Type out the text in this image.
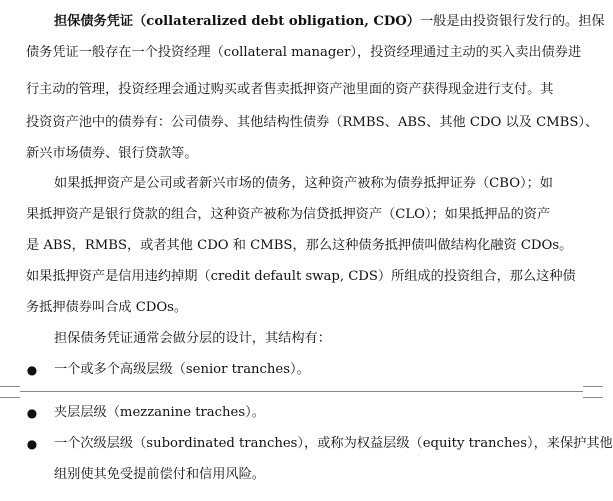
担保债务凭证（collateralized debt obligation, CDO）一般是由投资银行发行的。担保
债务凭证一般存在一个投资经理（collateral manager），投资经理通过主动的买入卖出债券进
行主动的管理，投资经理会通过购买或者售卖抵押资产池里面的资产获得现金进行支付。其
投资资产池中的债券有：公司债券、其他结构性债券（RMBS、ABS、其他 CDO 以及 CMBS）、
新兴市场债券、银行贷款等。
如果抵押资产是公司或者新兴市场的债务，这种资产被称为债券抵押证券（CBO）；如
果抵押资产是银行贷款的组合，这种资产被称为信贷抵押资产（CLO）；如果抵押品的资产
是 ABS，RMBS，或者其他 CDO 和 CMBS，那么这种债务抵押债叫做结构化融资 CDOs。
如果抵押资产是信用违约掉期（credit default swap, CDS）所组成的投资组合，那么这种债
务抵押债券叫合成 CDOs。
担保债务凭证通常会做分层的设计，其结构有：
● 一个或多个高级层级（senior tranches）。
● 夹层层级（mezzanine traches）。
● 一个次级层级（subordinated tranches），或称为权益层级（equity tranches），来保护其他
组别使其免受提前偿付和信用风险。
